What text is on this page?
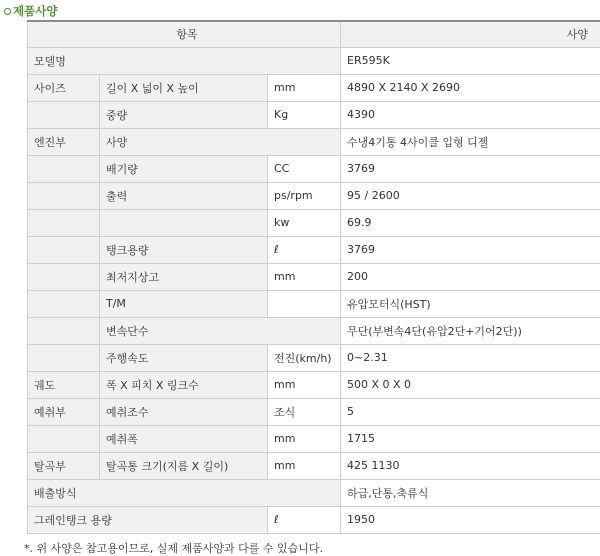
제품사양
항목			사양
모델명			ER595K
사이즈	길이 X 넓이 X 높이	mm	4890 X 2140 X 2690
	중량	Kg	4390
엔진부	사양		수냉4기통 4사이클 입형 디젤
	배기량	CC	3769
	출력	ps/rpm	95 / 2600
		kw	69.9
	탱크용량	ℓ	3769
	최저지상고	mm	200
	T/M		유압모터식(HST)
	변속단수		무단(부변속4단(유압2단+기어2단))
	주행속도	전진(km/h)	0~2.31
궤도	폭 X 피치 X 링크수	mm	500 X 0 X 0
예취부	예취조수	조식	5
	예취폭	mm	1715
탈곡부	탈곡통 크기(지름 X 길이)	mm	425 1130
배출방식			하급,단통,축류식
그레인탱크 용량		ℓ	1950
*. 위 사양은 참고용이므로, 실제 제품사양과 다를 수 있습니다.
